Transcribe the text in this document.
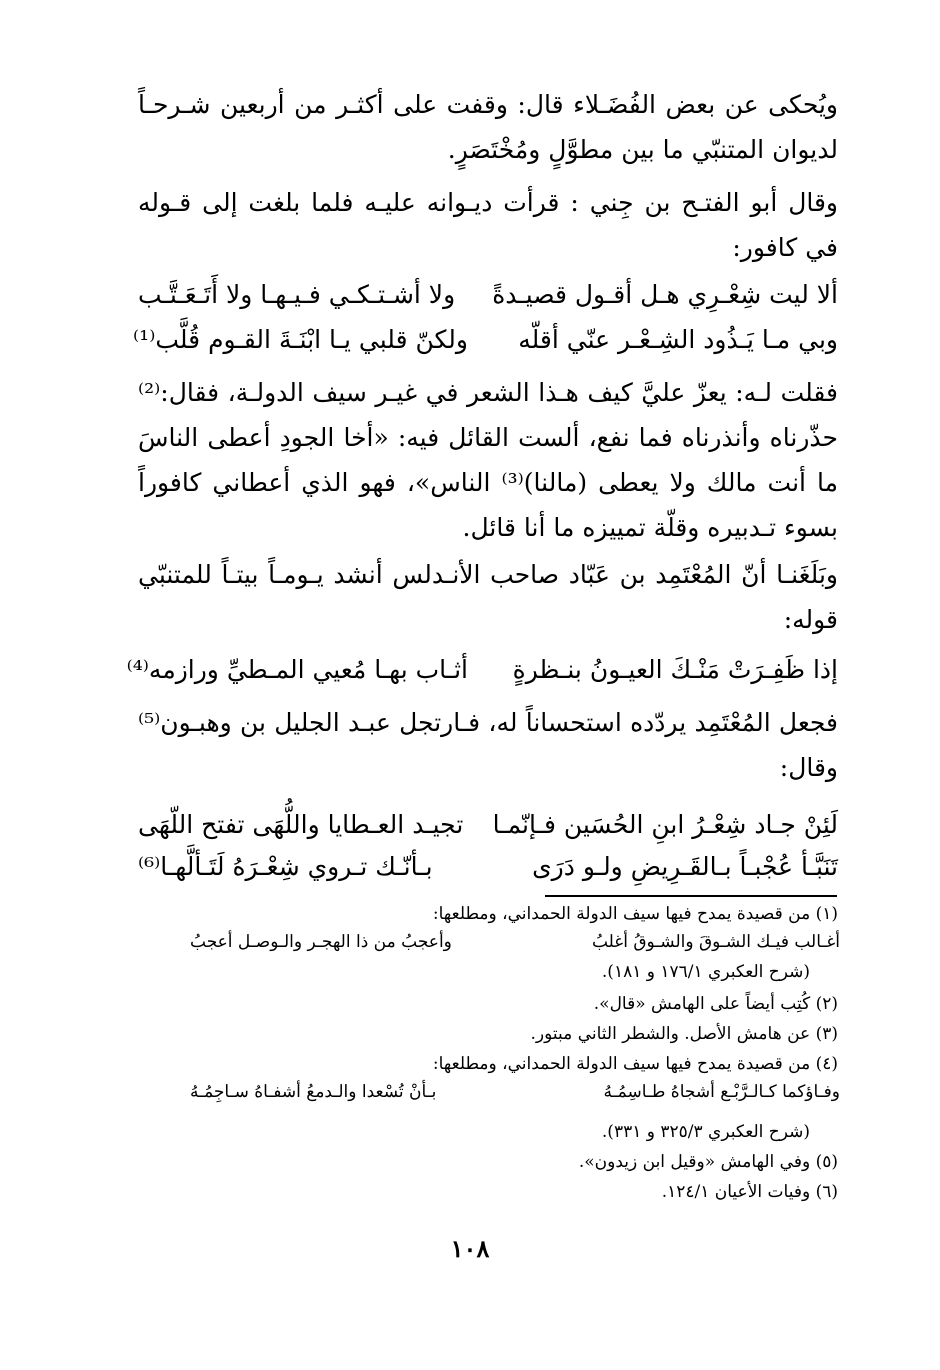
ويُحكى عن بعض الفُضَـلاء قال: وقفت على أكثـر من أربعين شـرحـاً لديوان المتنبّي ما بين مطوَّلٍ ومُخْتَصَرٍ.

وقال أبو الفتـح بن جِني : قرأت ديـوانه عليـه فلما بلغت إلى قـوله في كافور:

ألا ليت شِعْـرِي هـل أقـول قصيـدةً
ولا أشـتـكـي فـيـهـا ولا أَتَـعَـتَّـب
وبي مـا يَـذُود الشِـعْـر عنّي أقلّه
ولكنّ قلبي يـا ابْنَـةَ القـوم قُلَّب⁽¹⁾

فقلت لـه: يعزّ عليَّ كيف هـذا الشعر في غيـر سيف الدولـة، فقال:⁽²⁾ حذّرناه وأنذرناه فما نفع، ألست القائل فيه: «أخا الجودِ أعطى الناسَ ما أنت مالك ولا يعطى (مالنا)⁽³⁾ الناس»، فهو الذي أعطاني كافوراً بسوء تـدبيره وقلّة تمييزه ما أنا قائل.

وبَلَغَنـا أنّ المُعْتَمِد بن عَبّاد صاحب الأنـدلس أنشد يـومـاً بيتـاً للمتنبّي قوله:

إذا ظَفِـرَتْ مَنْـكَ العيـونُ بنـظرةٍ
أثـاب بهـا مُعيي المـطيِّ ورازمه⁽⁴⁾

فجعل المُعْتَمِد يردّده استحساناً له، فـارتجل عبـد الجليل بن وهبـون⁽⁵⁾ وقال:

لَئِنْ جـاد شِعْـرُ ابنِ الحُسَين فـإنّمـا
تجيـد العـطايا واللُّهَى تفتح اللّهَى
تَنَبَّـأ عُجْبـاً بـالقَـرِيضِ ولـو دَرَى
بـأنّـك تـروي شِعْـرَهُ لَتَـألَّهـا⁽⁶⁾
(١) من قصيدة يمدح فيها سيف الدولة الحمداني، ومطلعها:
أغـالب فيـك الشـوقَ والشـوقُ أغلبُ
وأعجبُ من ذا الهجـر والـوصـل أعجبُ
(شرح العكبري ١٧٦/١ و ١٨١).
(٢) كُتِب أيضاً على الهامش «قال».
(٣) عن هامش الأصل. والشطر الثاني مبتور.
(٤) من قصيدة يمدح فيها سيف الدولة الحمداني، ومطلعها:
وفـاؤكما كـالـرَّبْـع أشجاهُ طـاسِمُـهُ
بـأنْ تُسْعدا والـدمعُ أشفـاهُ سـاجِمُـهُ
(شرح العكبري ٣٢٥/٣ و ٣٣١).
(٥) وفي الهامش «وقيل ابن زيدون».
(٦) وفيات الأعيان ١٢٤/١.
١٠٨
